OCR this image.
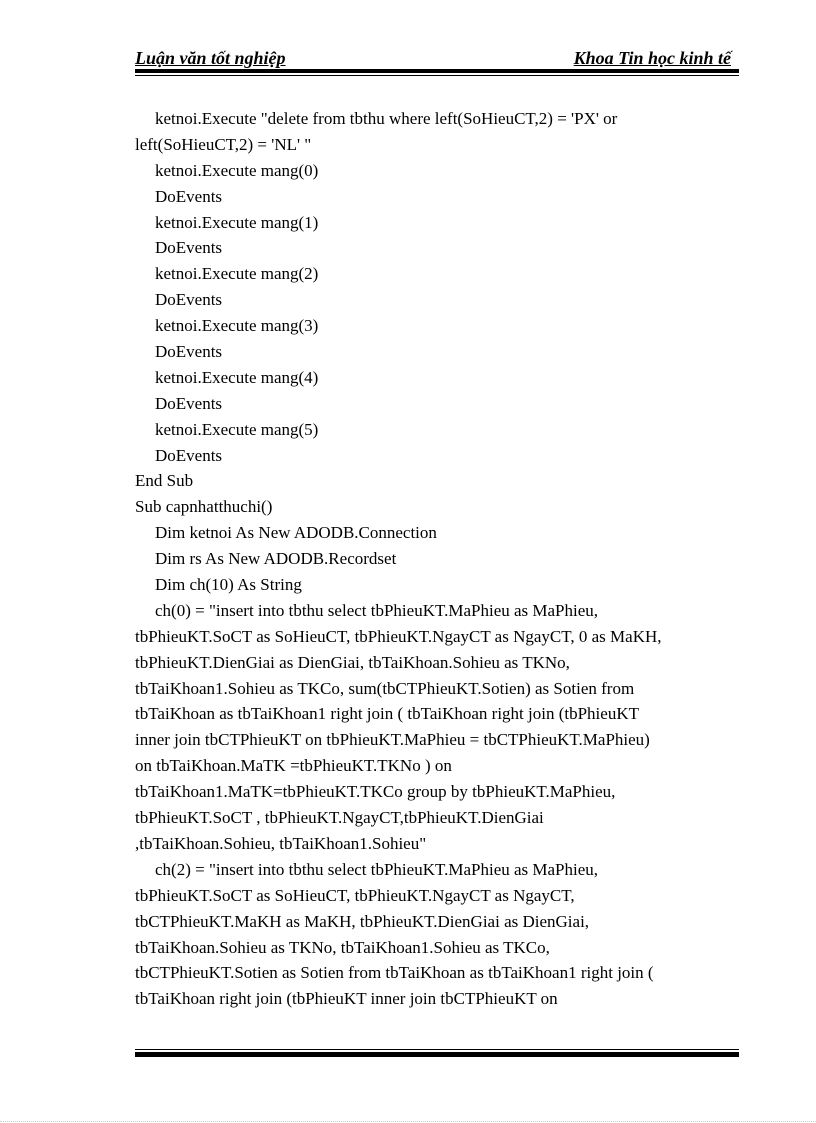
Luận văn tốt nghiệp	Khoa Tin học kinh tế
ketnoi.Execute "delete from tbthu where left(SoHieuCT,2) = 'PX' or
left(SoHieuCT,2) = 'NL' "
ketnoi.Execute mang(0)
DoEvents
ketnoi.Execute mang(1)
DoEvents
ketnoi.Execute mang(2)
DoEvents
ketnoi.Execute mang(3)
DoEvents
ketnoi.Execute mang(4)
DoEvents
ketnoi.Execute mang(5)
DoEvents
End Sub
Sub capnhatthuchi()
Dim ketnoi As New ADODB.Connection
Dim rs As New ADODB.Recordset
Dim ch(10) As String
ch(0) = "insert into tbthu select tbPhieuKT.MaPhieu as MaPhieu,
tbPhieuKT.SoCT as SoHieuCT, tbPhieuKT.NgayCT as NgayCT, 0 as MaKH,
tbPhieuKT.DienGiai as DienGiai, tbTaiKhoan.Sohieu as TKNo,
tbTaiKhoan1.Sohieu as TKCo, sum(tbCTPhieuKT.Sotien) as Sotien from
tbTaiKhoan as tbTaiKhoan1 right join ( tbTaiKhoan right join (tbPhieuKT
inner join tbCTPhieuKT on tbPhieuKT.MaPhieu = tbCTPhieuKT.MaPhieu)
on tbTaiKhoan.MaTK =tbPhieuKT.TKNo ) on
tbTaiKhoan1.MaTK=tbPhieuKT.TKCo group by tbPhieuKT.MaPhieu,
tbPhieuKT.SoCT , tbPhieuKT.NgayCT,tbPhieuKT.DienGiai
,tbTaiKhoan.Sohieu, tbTaiKhoan1.Sohieu"
ch(2) = "insert into tbthu select tbPhieuKT.MaPhieu as MaPhieu,
tbPhieuKT.SoCT as SoHieuCT, tbPhieuKT.NgayCT as NgayCT,
tbCTPhieuKT.MaKH as MaKH, tbPhieuKT.DienGiai as DienGiai,
tbTaiKhoan.Sohieu as TKNo, tbTaiKhoan1.Sohieu as TKCo,
tbCTPhieuKT.Sotien as Sotien from tbTaiKhoan as tbTaiKhoan1 right join (
tbTaiKhoan right join (tbPhieuKT inner join tbCTPhieuKT on
